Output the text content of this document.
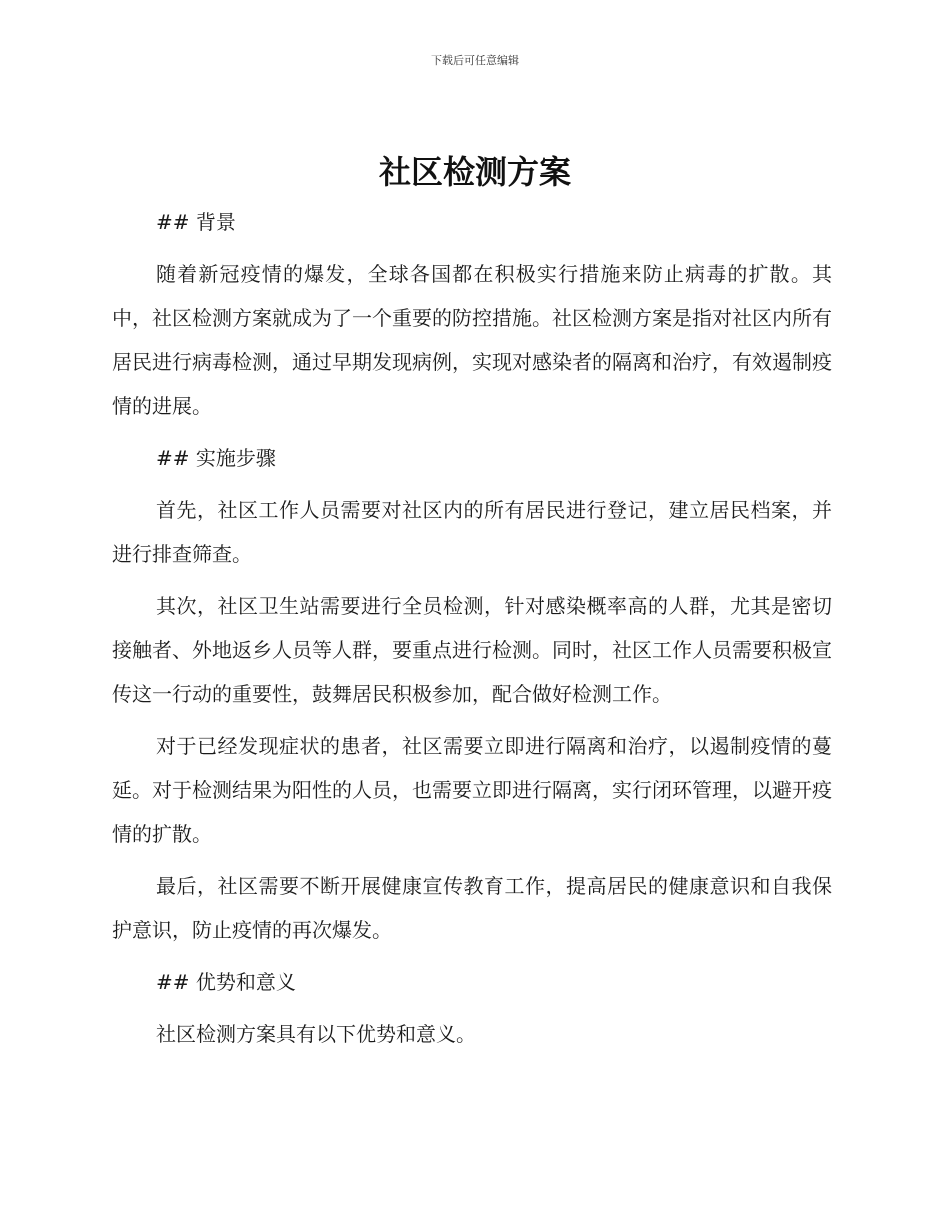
下载后可任意编辑
社区检测方案

## 背景

随着新冠疫情的爆发，全球各国都在积极实行措施来防止病毒的扩散。其中，社区检测方案就成为了一个重要的防控措施。社区检测方案是指对社区内所有居民进行病毒检测，通过早期发现病例，实现对感染者的隔离和治疗，有效遏制疫情的进展。

## 实施步骤

首先，社区工作人员需要对社区内的所有居民进行登记，建立居民档案，并进行排查筛查。

其次，社区卫生站需要进行全员检测，针对感染概率高的人群，尤其是密切接触者、外地返乡人员等人群，要重点进行检测。同时，社区工作人员需要积极宣传这一行动的重要性，鼓舞居民积极参加，配合做好检测工作。

对于已经发现症状的患者，社区需要立即进行隔离和治疗，以遏制疫情的蔓延。对于检测结果为阳性的人员，也需要立即进行隔离，实行闭环管理，以避开疫情的扩散。

最后，社区需要不断开展健康宣传教育工作，提高居民的健康意识和自我保护意识，防止疫情的再次爆发。

## 优势和意义

社区检测方案具有以下优势和意义。
